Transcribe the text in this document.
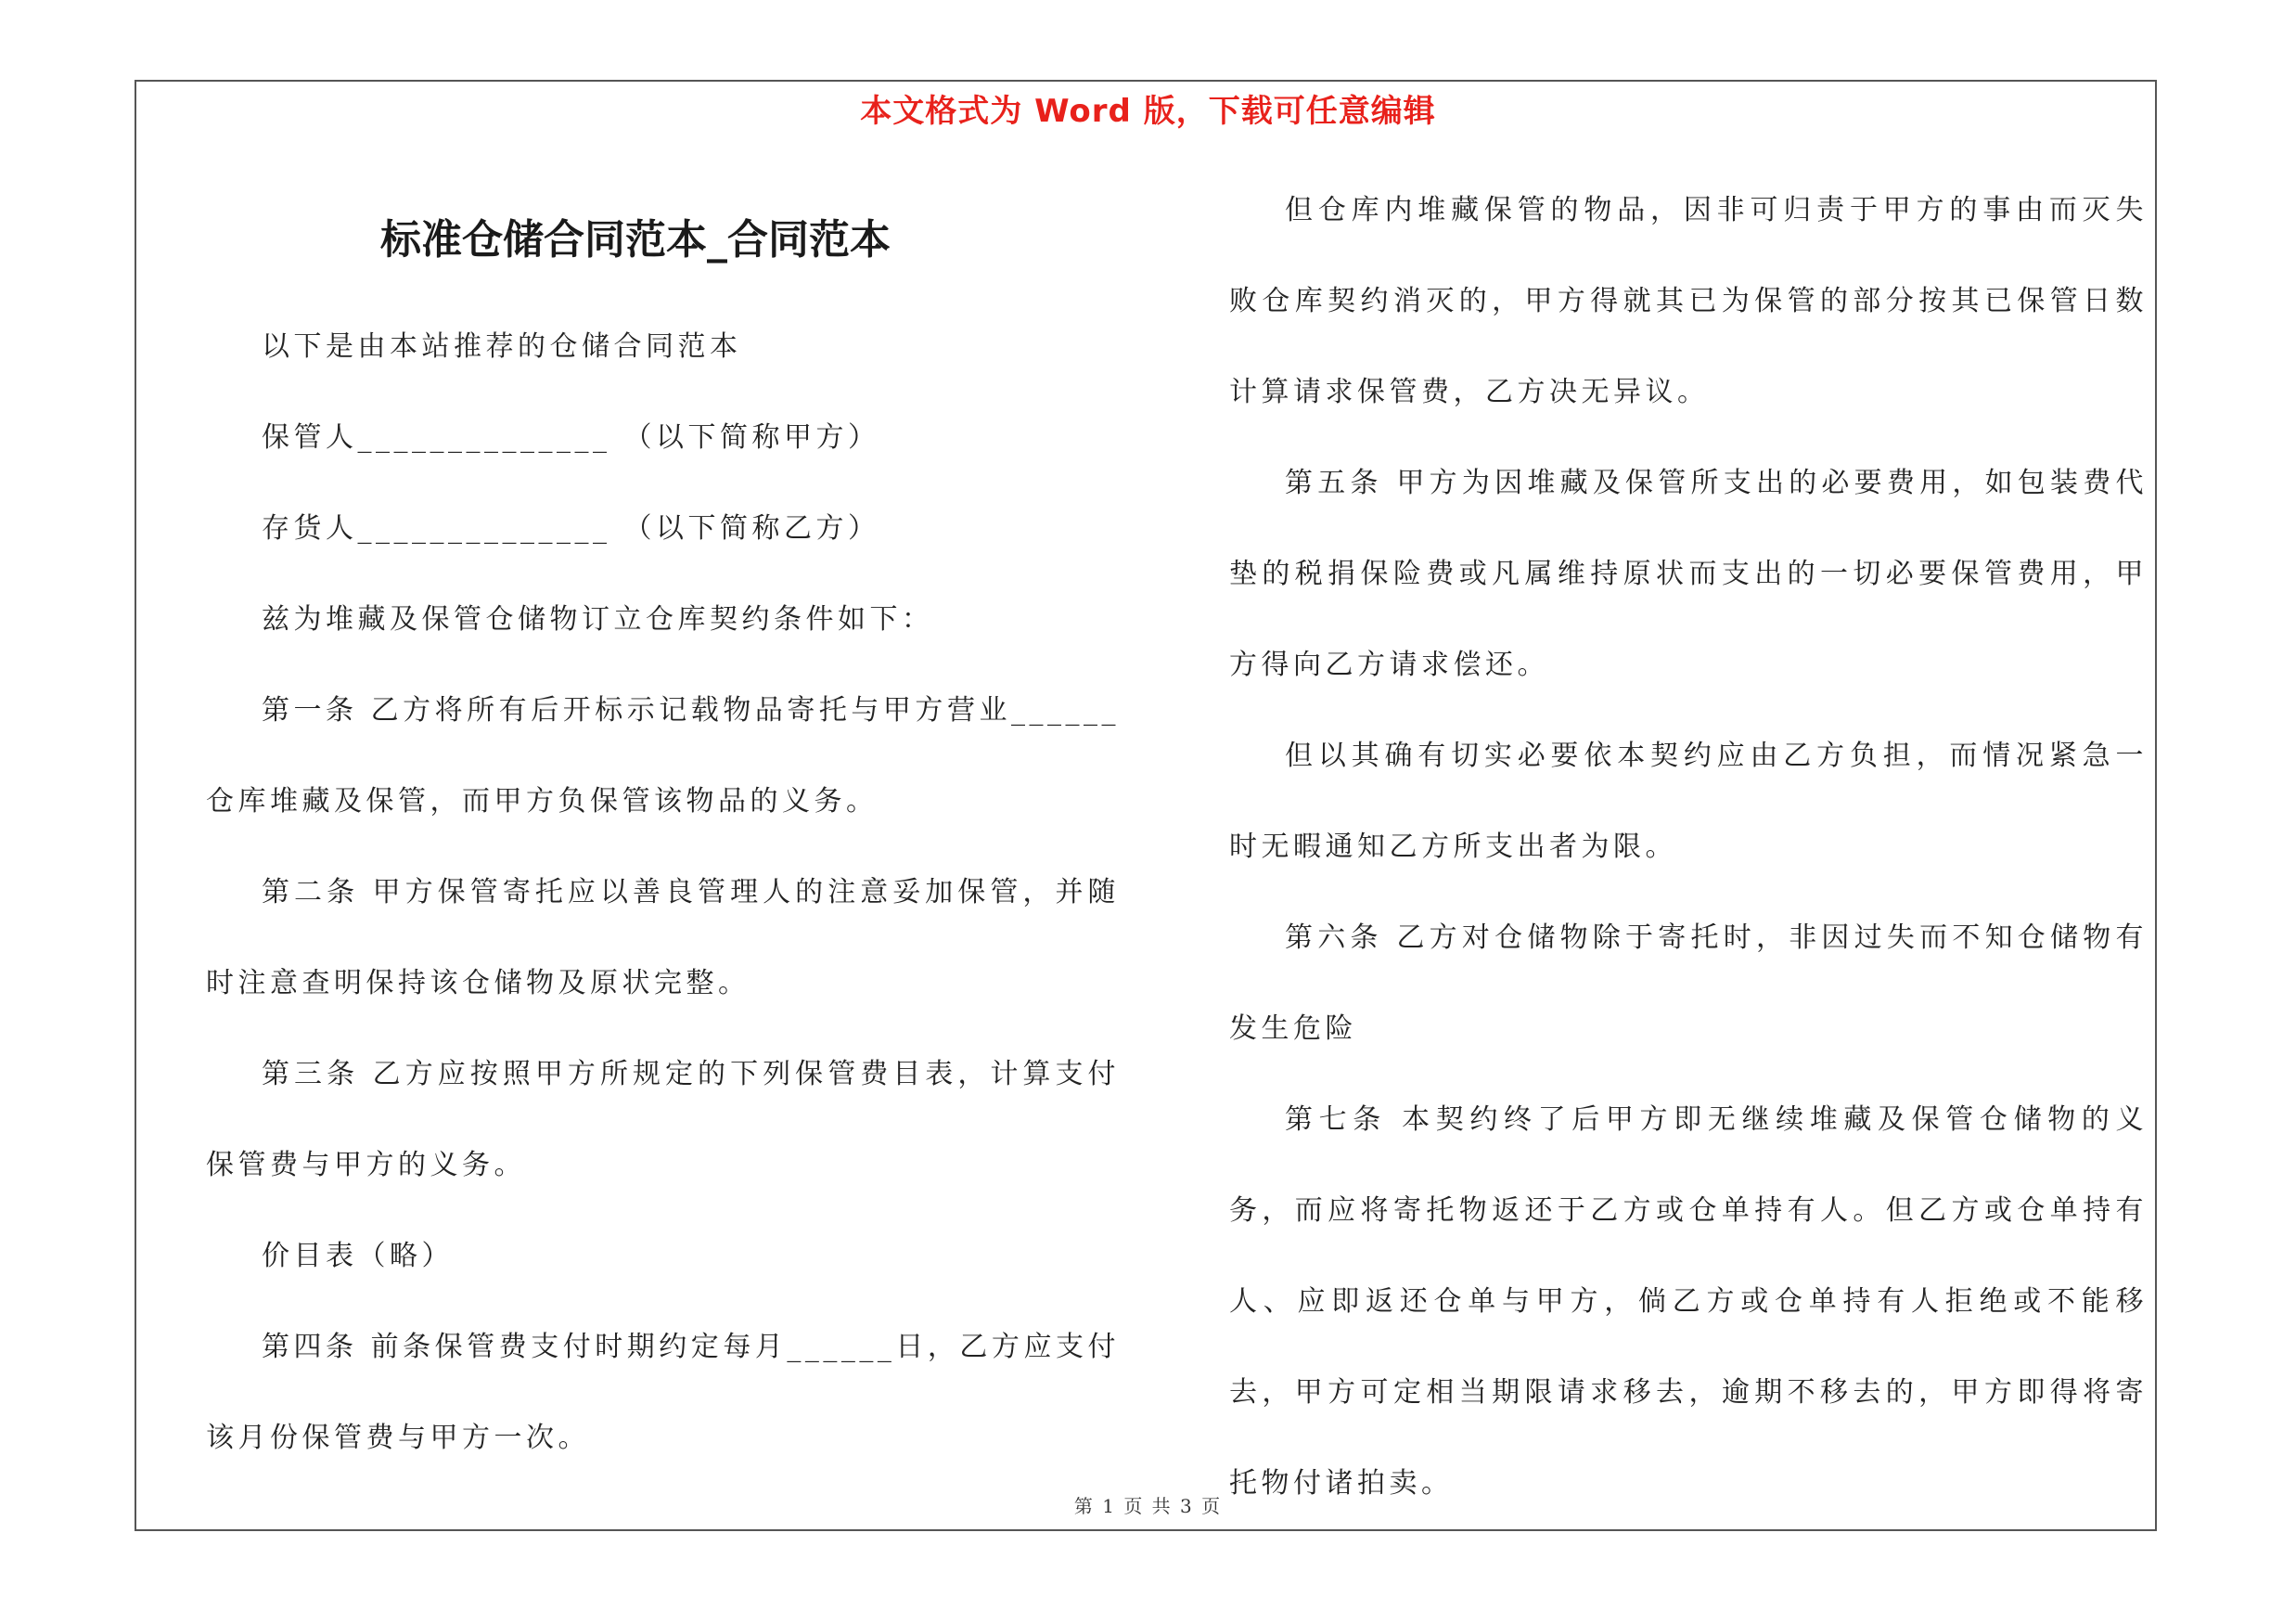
本文格式为 Word 版，下载可任意编辑
标准仓储合同范本_合同范本

以下是由本站推荐的仓储合同范本

保管人______________ （以下简称甲方）

存货人______________ （以下简称乙方）

兹为堆藏及保管仓储物订立仓库契约条件如下：

第一条 乙方将所有后开标示记载物品寄托与甲方营业______仓库堆藏及保管，而甲方负保管该物品的义务。

第二条 甲方保管寄托应以善良管理人的注意妥加保管，并随时注意查明保持该仓储物及原状完整。

第三条 乙方应按照甲方所规定的下列保管费目表，计算支付保管费与甲方的义务。

价目表（略）

第四条 前条保管费支付时期约定每月______日，乙方应支付该月份保管费与甲方一次。

但仓库内堆藏保管的物品，因非可归责于甲方的事由而灭失败仓库契约消灭的，甲方得就其已为保管的部分按其已保管日数计算请求保管费，乙方决无异议。

第五条 甲方为因堆藏及保管所支出的必要费用，如包装费代垫的税捐保险费或凡属维持原状而支出的一切必要保管费用，甲方得向乙方请求偿还。

但以其确有切实必要依本契约应由乙方负担，而情况紧急一时无暇通知乙方所支出者为限。

第六条 乙方对仓储物除于寄托时，非因过失而不知仓储物有发生危险

第七条 本契约终了后甲方即无继续堆藏及保管仓储物的义务，而应将寄托物返还于乙方或仓单持有人。但乙方或仓单持有人、应即返还仓单与甲方，倘乙方或仓单持有人拒绝或不能移去，甲方可定相当期限请求移去，逾期不移去的，甲方即得将寄托物付诸拍卖。

第 1 页 共 3 页
